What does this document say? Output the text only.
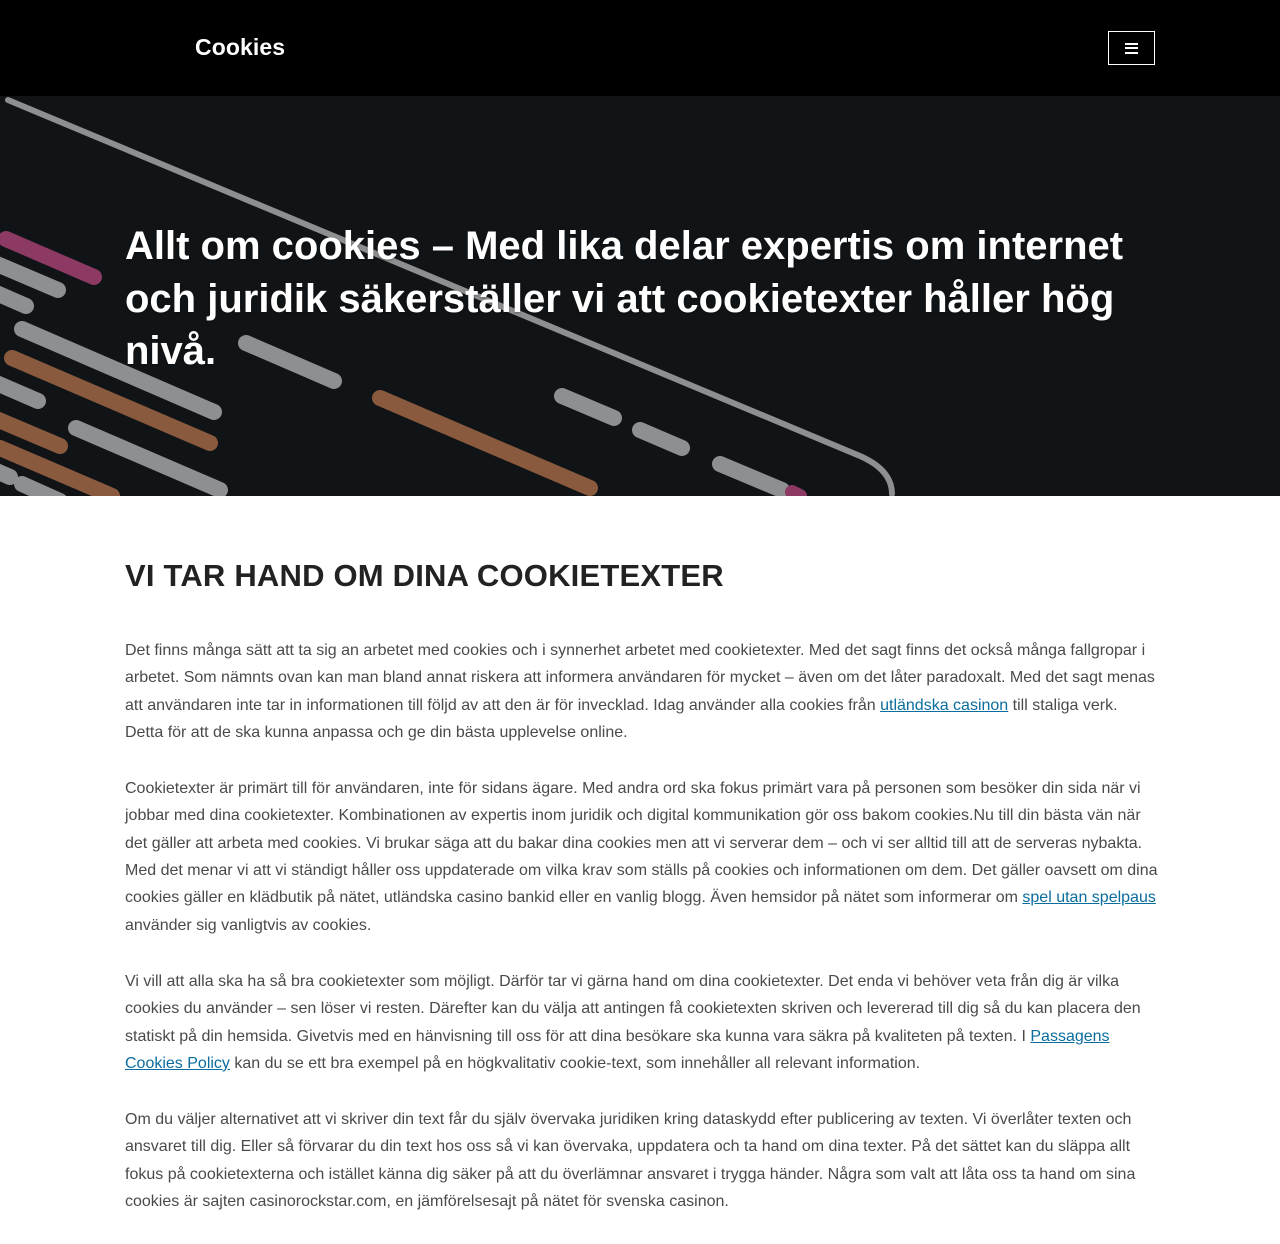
Cookies
Allt om cookies – Med lika delar expertis om internet och juridik säkerställer vi att cookietexter håller hög nivå.
VI TAR HAND OM DINA COOKIETEXTER

Det finns många sätt att ta sig an arbetet med cookies och i synnerhet arbetet med cookietexter. Med det sagt finns det också många fallgropar i arbetet. Som nämnts ovan kan man bland annat riskera att informera användaren för mycket – även om det låter paradoxalt. Med det sagt menas att användaren inte tar in informationen till följd av att den är för invecklad. Idag använder alla cookies från utländska casinon till staliga verk. Detta för att de ska kunna anpassa och ge din bästa upplevelse online.

Cookietexter är primärt till för användaren, inte för sidans ägare. Med andra ord ska fokus primärt vara på personen som besöker din sida när vi jobbar med dina cookietexter. Kombinationen av expertis inom juridik och digital kommunikation gör oss bakom cookies.Nu till din bästa vän när det gäller att arbeta med cookies. Vi brukar säga att du bakar dina cookies men att vi serverar dem – och vi ser alltid till att de serveras nybakta. Med det menar vi att vi ständigt håller oss uppdaterade om vilka krav som ställs på cookies och informationen om dem. Det gäller oavsett om dina cookies gäller en klädbutik på nätet, utländska casino bankid eller en vanlig blogg. Även hemsidor på nätet som informerar om spel utan spelpaus använder sig vanligtvis av cookies.

Vi vill att alla ska ha så bra cookietexter som möjligt. Därför tar vi gärna hand om dina cookietexter. Det enda vi behöver veta från dig är vilka cookies du använder – sen löser vi resten. Därefter kan du välja att antingen få cookietexten skriven och levererad till dig så du kan placera den statiskt på din hemsida. Givetvis med en hänvisning till oss för att dina besökare ska kunna vara säkra på kvaliteten på texten. I Passagens Cookies Policy kan du se ett bra exempel på en högkvalitativ cookie-text, som innehåller all relevant information.

Om du väljer alternativet att vi skriver din text får du själv övervaka juridiken kring dataskydd efter publicering av texten. Vi överlåter texten och ansvaret till dig. Eller så förvarar du din text hos oss så vi kan övervaka, uppdatera och ta hand om dina texter. På det sättet kan du släppa allt fokus på cookietexterna och istället känna dig säker på att du överlämnar ansvaret i trygga händer. Några som valt att låta oss ta hand om sina cookies är sajten casinorockstar.com, en jämförelsesajt på nätet för svenska casinon.
